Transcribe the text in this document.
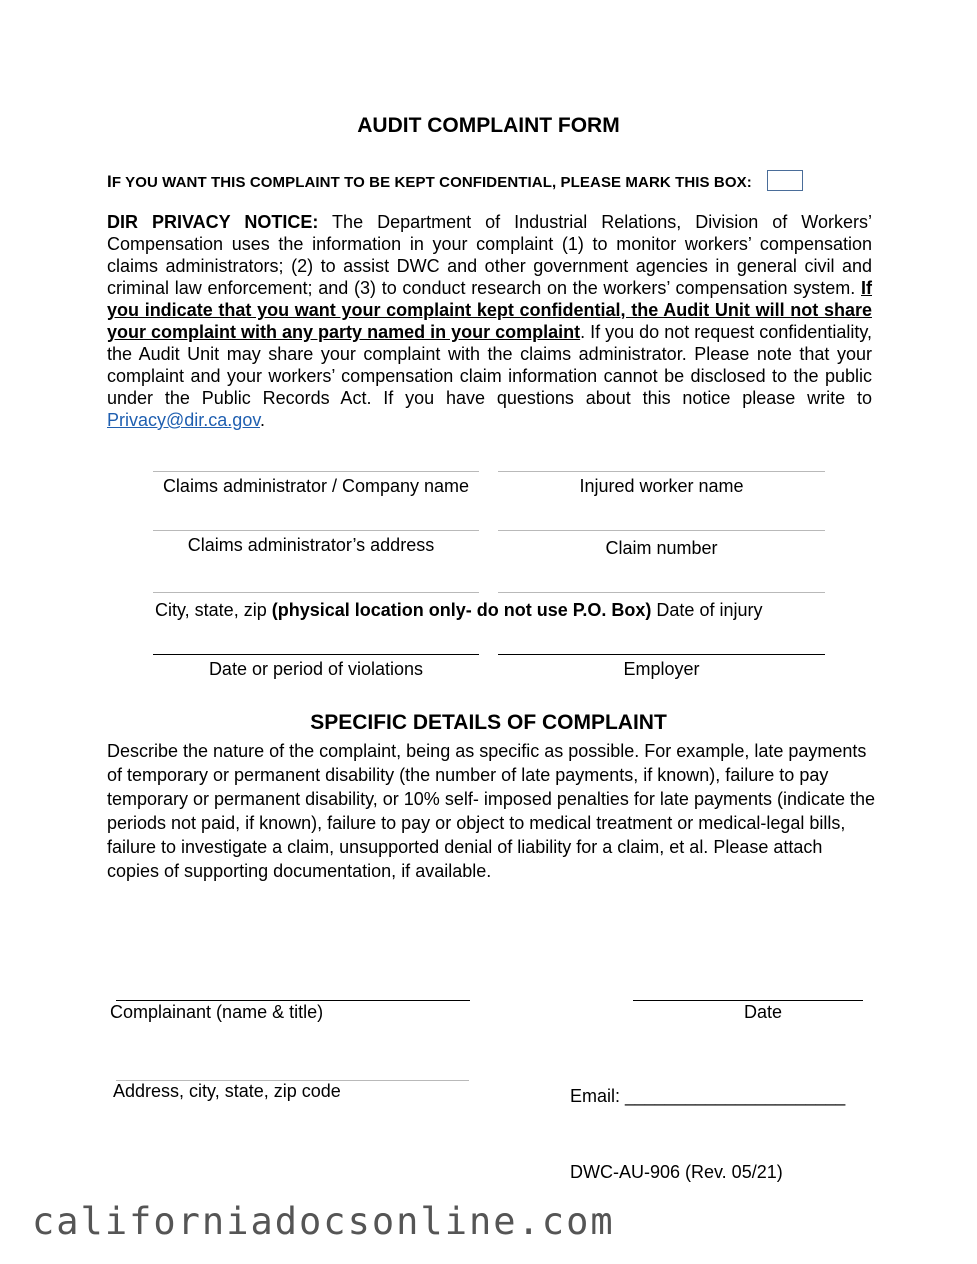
AUDIT COMPLAINT FORM
IF YOU WANT THIS COMPLAINT TO BE KEPT CONFIDENTIAL, PLEASE MARK THIS BOX:
DIR PRIVACY NOTICE: The Department of Industrial Relations, Division of Workers’ Compensation uses the information in your complaint (1) to monitor workers’ compensation claims administrators; (2) to assist DWC and other government agencies in general civil and criminal law enforcement; and (3) to conduct research on the workers’ compensation system. If you indicate that you want your complaint kept confidential, the Audit Unit will not share your complaint with any party named in your complaint. If you do not request confidentiality, the Audit Unit may share your complaint with the claims administrator. Please note that your complaint and your workers’ compensation claim information cannot be disclosed to the public under the Public Records Act. If you have questions about this notice please write to Privacy@dir.ca.gov.
Claims administrator / Company name	Injured worker name
Claims administrator’s address	Claim number
City, state, zip (physical location only- do not use P.O. Box) Date of injury
Date or period of violations	Employer
SPECIFIC DETAILS OF COMPLAINT
Describe the nature of the complaint, being as specific as possible. For example, late payments of temporary or permanent disability (the number of late payments, if known), failure to pay temporary or permanent disability, or 10% self- imposed penalties for late payments (indicate the periods not paid, if known), failure to pay or object to medical treatment or medical-legal bills, failure to investigate a claim, unsupported denial of liability for a claim, et al. Please attach copies of supporting documentation, if available.
Complainant (name & title)	Date
Address, city, state, zip code	Email: ______________________
DWC-AU-906 (Rev. 05/21)
californiadocsonline.com
